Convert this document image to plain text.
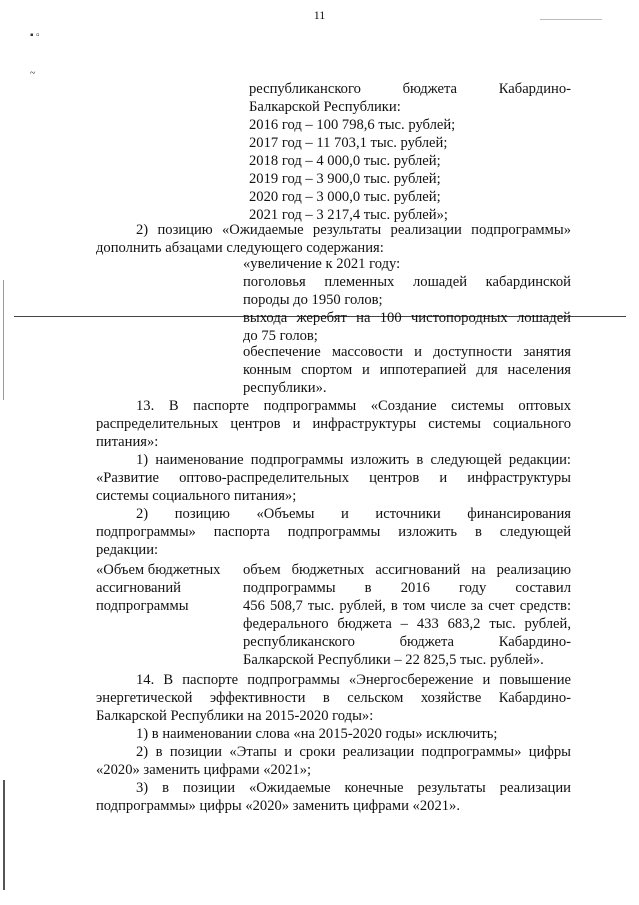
11
▪ ▫
~
республиканского бюджета Кабардино-
Балкарской Республики:
2016 год – 100 798,6 тыс. рублей;
2017 год – 11 703,1 тыс. рублей;
2018 год – 4 000,0 тыс. рублей;
2019 год – 3 900,0 тыс. рублей;
2020 год – 3 000,0 тыс. рублей;
2021 год – 3 217,4 тыс. рублей»;
2) позицию «Ожидаемые результаты реализации подпрограммы»
дополнить абзацами следующего содержания:
«увеличение к 2021 году:
поголовья племенных лошадей кабардинской
породы до 1950 голов;
выхода жеребят на 100 чистопородных лошадей
до 75 голов;
обеспечение массовости и доступности занятия
конным спортом и иппотерапией для населения
республики».
13. В паспорте подпрограммы «Создание системы оптовых
распределительных центров и инфраструктуры системы социального
питания»:
1) наименование подпрограммы изложить в следующей редакции:
«Развитие оптово-распределительных центров и инфраструктуры
системы социального питания»;
2) позицию «Объемы и источники финансирования
подпрограммы» паспорта подпрограммы изложить в следующей
редакции:
«Объем бюджетных
ассигнований
подпрограммы
объем бюджетных ассигнований на реализацию
подпрограммы в 2016 году составил
456 508,7 тыс. рублей, в том числе за счет средств:
федерального бюджета – 433 683,2 тыс. рублей,
республиканского бюджета Кабардино-
Балкарской Республики – 22 825,5 тыс. рублей».
14. В паспорте подпрограммы «Энергосбережение и повышение
энергетической эффективности в сельском хозяйстве Кабардино-
Балкарской Республики на 2015-2020 годы»:
1) в наименовании слова «на 2015-2020 годы» исключить;
2) в позиции «Этапы и сроки реализации подпрограммы» цифры
«2020» заменить цифрами «2021»;
3) в позиции «Ожидаемые конечные результаты реализации
подпрограммы» цифры «2020» заменить цифрами «2021».
